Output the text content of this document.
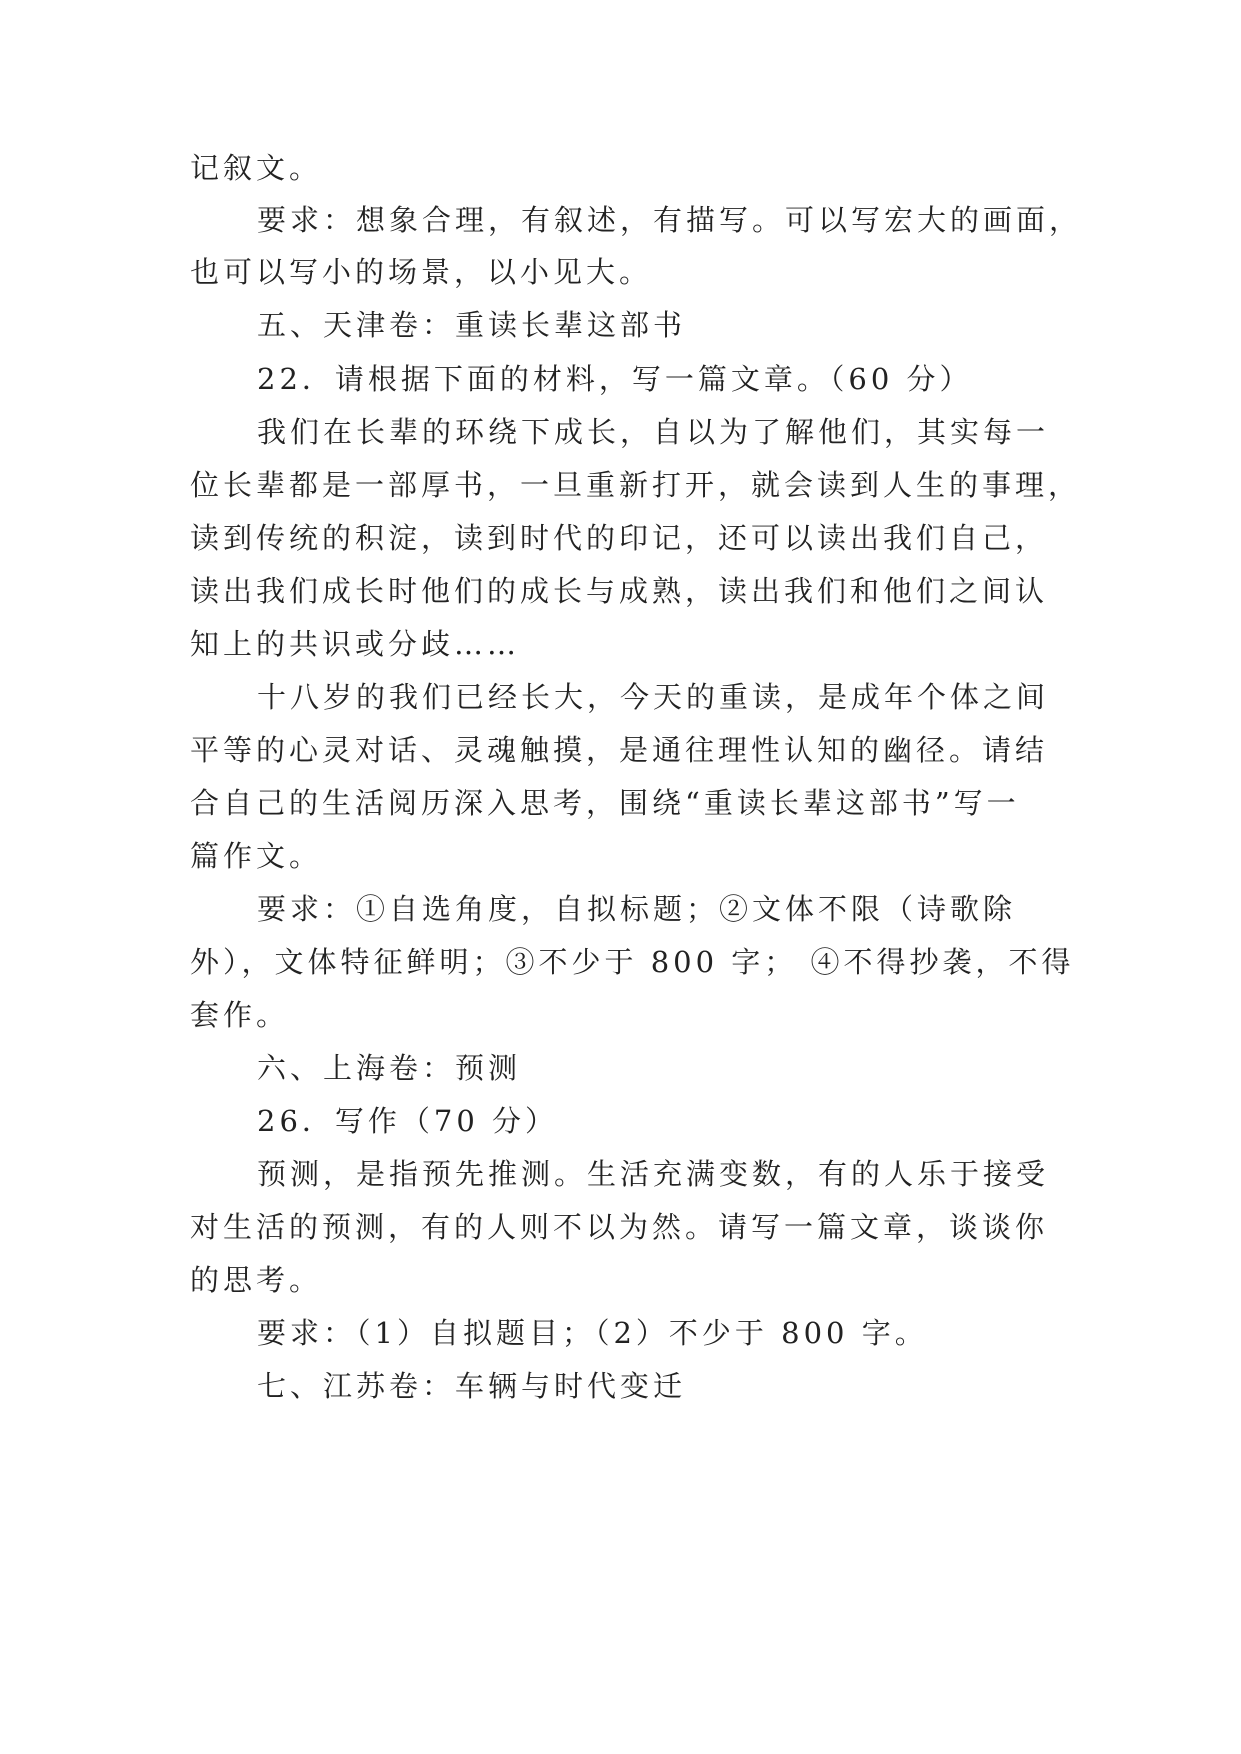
记叙文。
要求：想象合理，有叙述，有描写。可以写宏大的画面，
也可以写小的场景，以小见大。
五、天津卷：重读长辈这部书
22．请根据下面的材料，写一篇文章。（60 分）
我们在长辈的环绕下成长，自以为了解他们，其实每一
位长辈都是一部厚书，一旦重新打开，就会读到人生的事理，
读到传统的积淀，读到时代的印记，还可以读出我们自己，
读出我们成长时他们的成长与成熟，读出我们和他们之间认
知上的共识或分歧……
十八岁的我们已经长大，今天的重读，是成年个体之间
平等的心灵对话、灵魂触摸，是通往理性认知的幽径。请结
合自己的生活阅历深入思考，围绕“重读长辈这部书”写一
篇作文。
要求：①自选角度，自拟标题；②文体不限（诗歌除
外），文体特征鲜明；③不少于 800 字； ④不得抄袭，不得
套作。
六、上海卷：预测
26．写作（70 分）
预测，是指预先推测。生活充满变数，有的人乐于接受
对生活的预测，有的人则不以为然。请写一篇文章，谈谈你
的思考。
要求：（1）自拟题目；（2）不少于 800 字。
七、江苏卷：车辆与时代变迁
